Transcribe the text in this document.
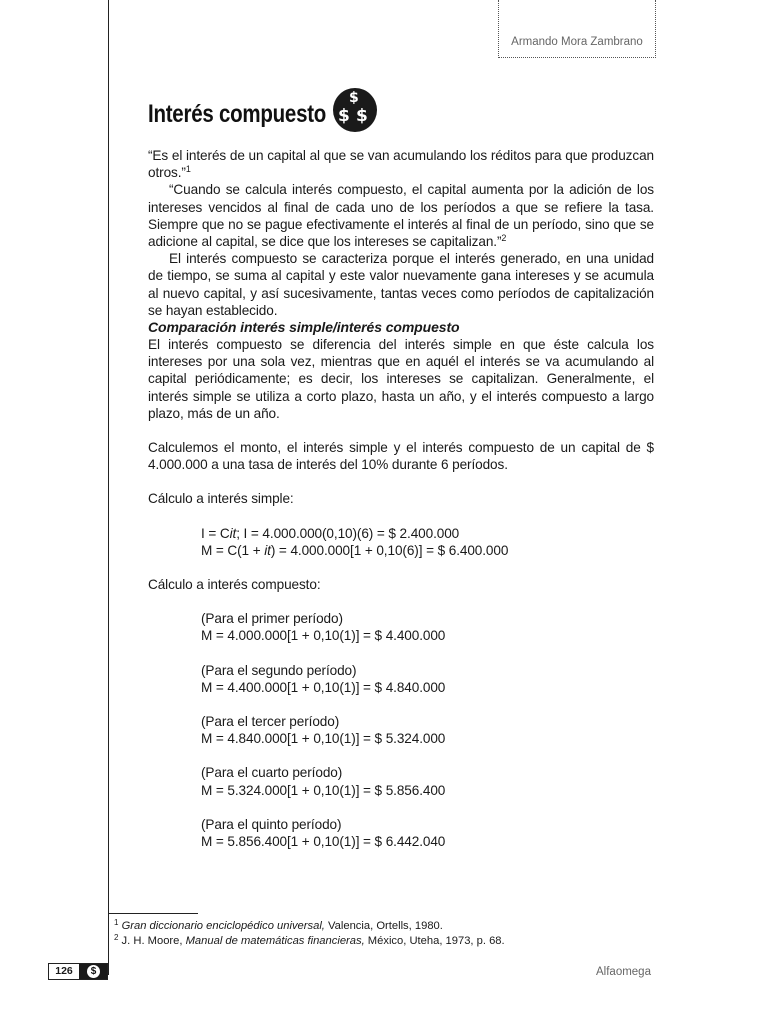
Armando Mora Zambrano
Interés compuesto
$
$ $

“Es el interés de un capital al que se van acumulando los réditos para que produzcan otros.”$^1$

“Cuando se calcula interés compuesto, el capital aumenta por la adición de los intereses vencidos al final de cada uno de los períodos a que se refiere la tasa. Siempre que no se pague efectivamente el interés al final de un período, sino que se adicione al capital, se dice que los intereses se capitalizan.”$^2$

El interés compuesto se caracteriza porque el interés generado, en una unidad de tiempo, se suma al capital y este valor nuevamente gana intereses y se acumula al nuevo capital, y así sucesivamente, tantas veces como períodos de capitalización se hayan establecido.

Comparación interés simple/interés compuesto

El interés compuesto se diferencia del interés simple en que éste calcula los intereses por una sola vez, mientras que en aquél el interés se va acumulando al capital periódicamente; es decir, los intereses se capitalizan. Generalmente, el interés simple se utiliza a corto plazo, hasta un año, y el interés compuesto a largo plazo, más de un año.

Calculemos el monto, el interés simple y el interés compuesto de un capital de $ 4.000.000 a una tasa de interés del 10% durante 6 períodos.

Cálculo a interés simple:

I = Cit; I = 4.000.000(0,10)(6) = $ 2.400.000

M = C(1 + it) = 4.000.000[1 + 0,10(6)] = $ 6.400.000

Cálculo a interés compuesto:

(Para el primer período)

M = 4.000.000[1 + 0,10(1)] = $ 4.400.000

(Para el segundo período)

M = 4.400.000[1 + 0,10(1)] = $ 4.840.000

(Para el tercer período)

M = 4.840.000[1 + 0,10(1)] = $ 5.324.000

(Para el cuarto período)

M = 5.324.000[1 + 0,10(1)] = $ 5.856.400

(Para el quinto período)

M = 5.856.400[1 + 0,10(1)] = $ 6.442.040

$^1$ Gran diccionario enciclopédico universal, Valencia, Ortells, 1980.
$^2$ J. H. Moore, Manual de matemáticas financieras, México, Uteha, 1973, p. 68.
126	$	Alfaomega
